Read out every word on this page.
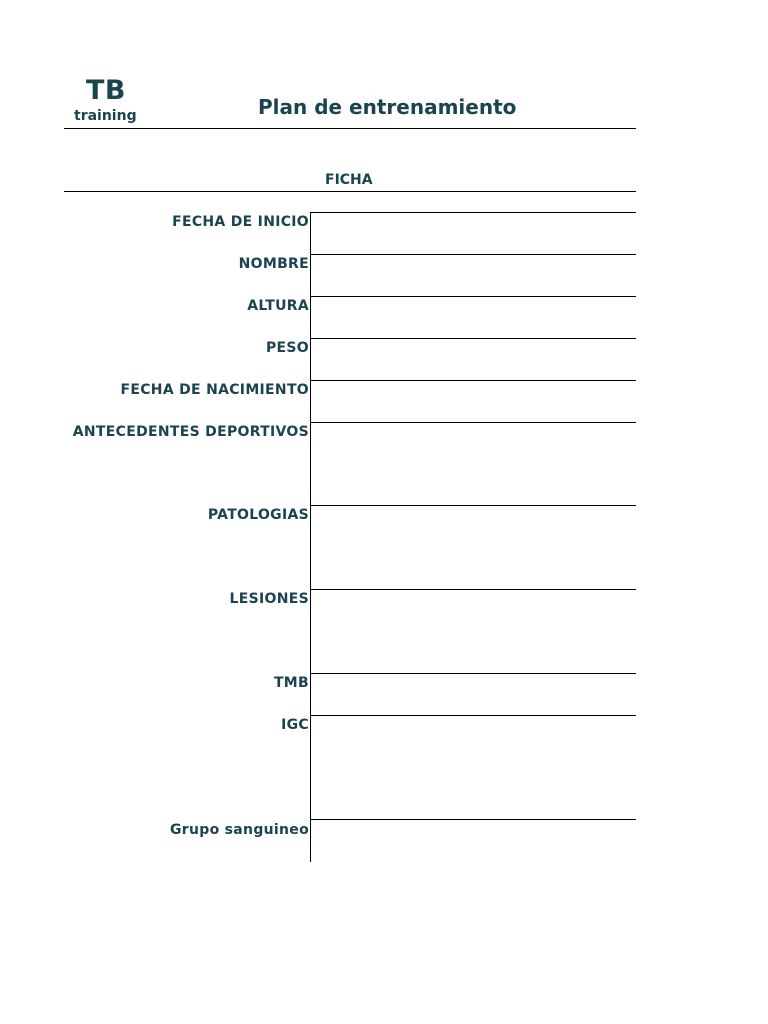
TB
training	Plan de entrenamiento
FICHA
FECHA DE INICIO
NOMBRE
ALTURA
PESO
FECHA DE NACIMIENTO
ANTECEDENTES DEPORTIVOS
PATOLOGIAS
LESIONES
TMB
IGC
Grupo sanguineo
